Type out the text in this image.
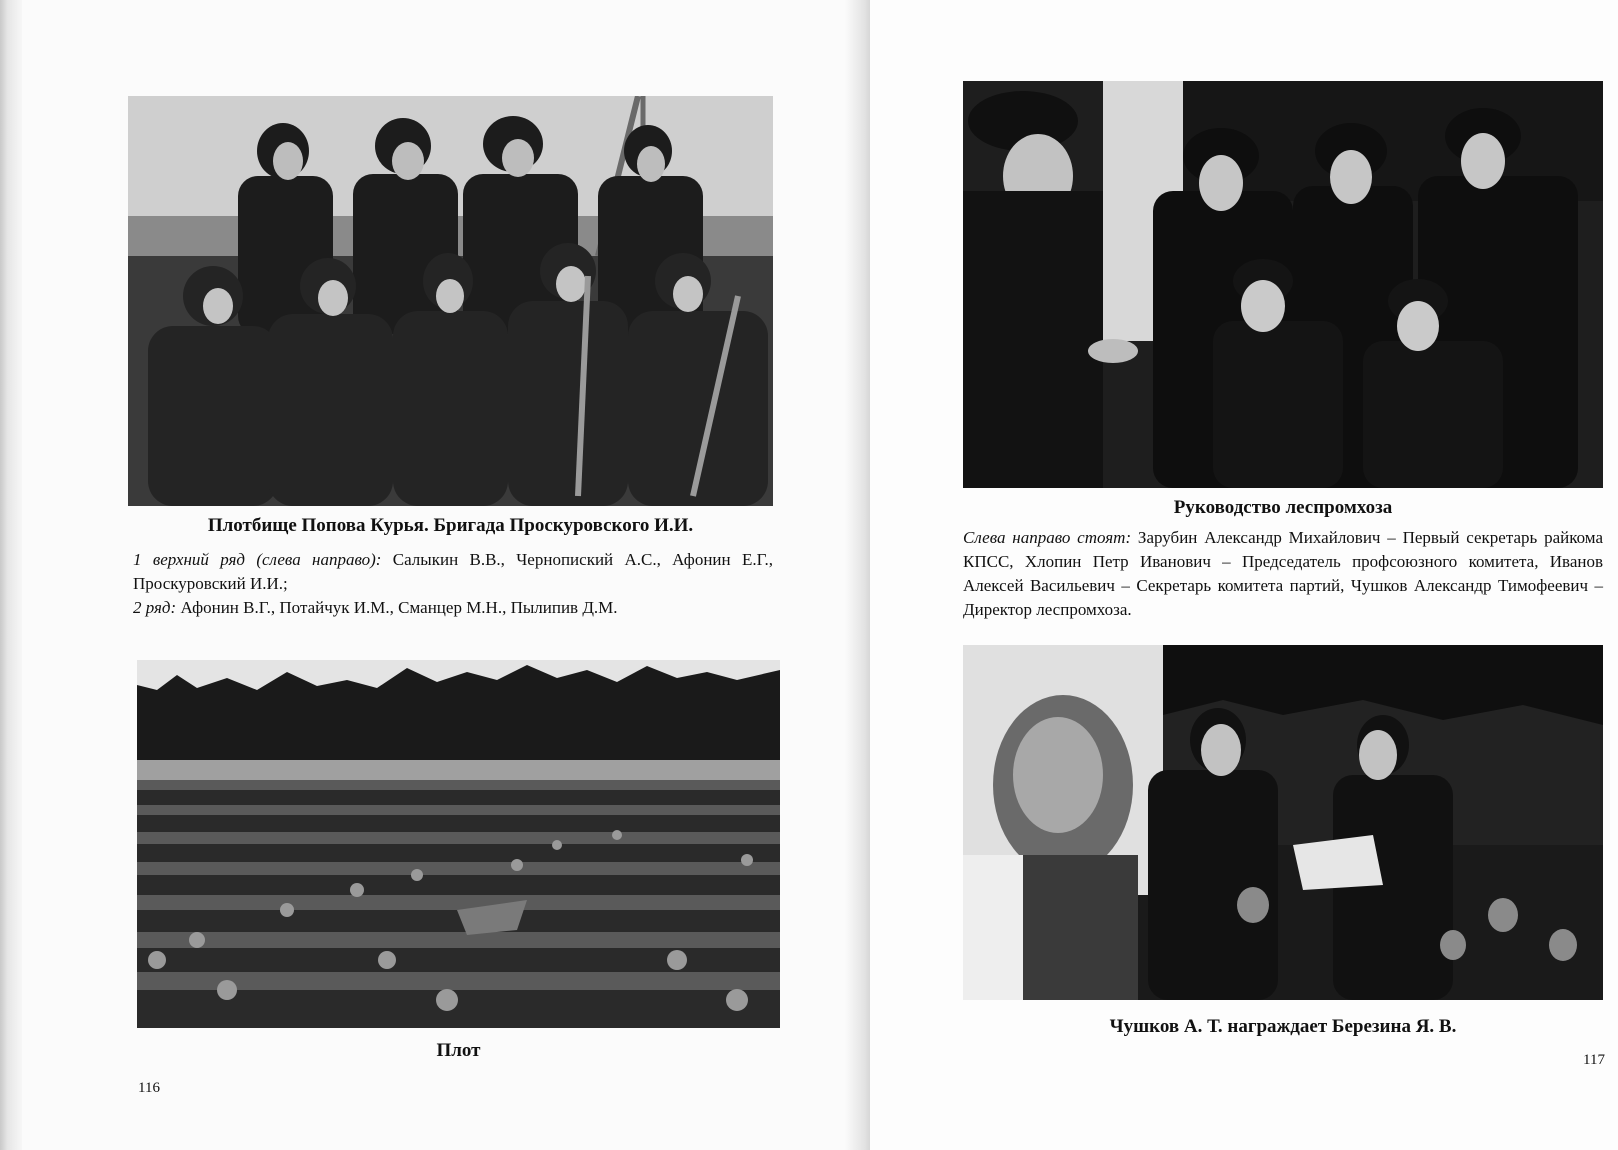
Плотбище Попова Курья. Бригада Проскуровского И.И.
1 верхний ряд (слева направо): Салыкин В.В., Чернопиский А.С., Афонин Е.Г., Проскуровский И.И.;
2 ряд: Афонин В.Г., Потайчук И.М., Сманцер М.Н., Пылипив Д.М.
Плот
116
Руководство леспромхоза
Слева направо стоят: Зарубин Александр Михайлович – Первый секретарь райкома КПСС, Хлопин Петр Иванович – Председатель профсоюзного комитета, Иванов Алексей Васильевич – Секретарь комитета партий, Чушков Александр Тимофеевич – Директор леспромхоза.
Чушков А. Т. награждает Березина Я. В.
117
